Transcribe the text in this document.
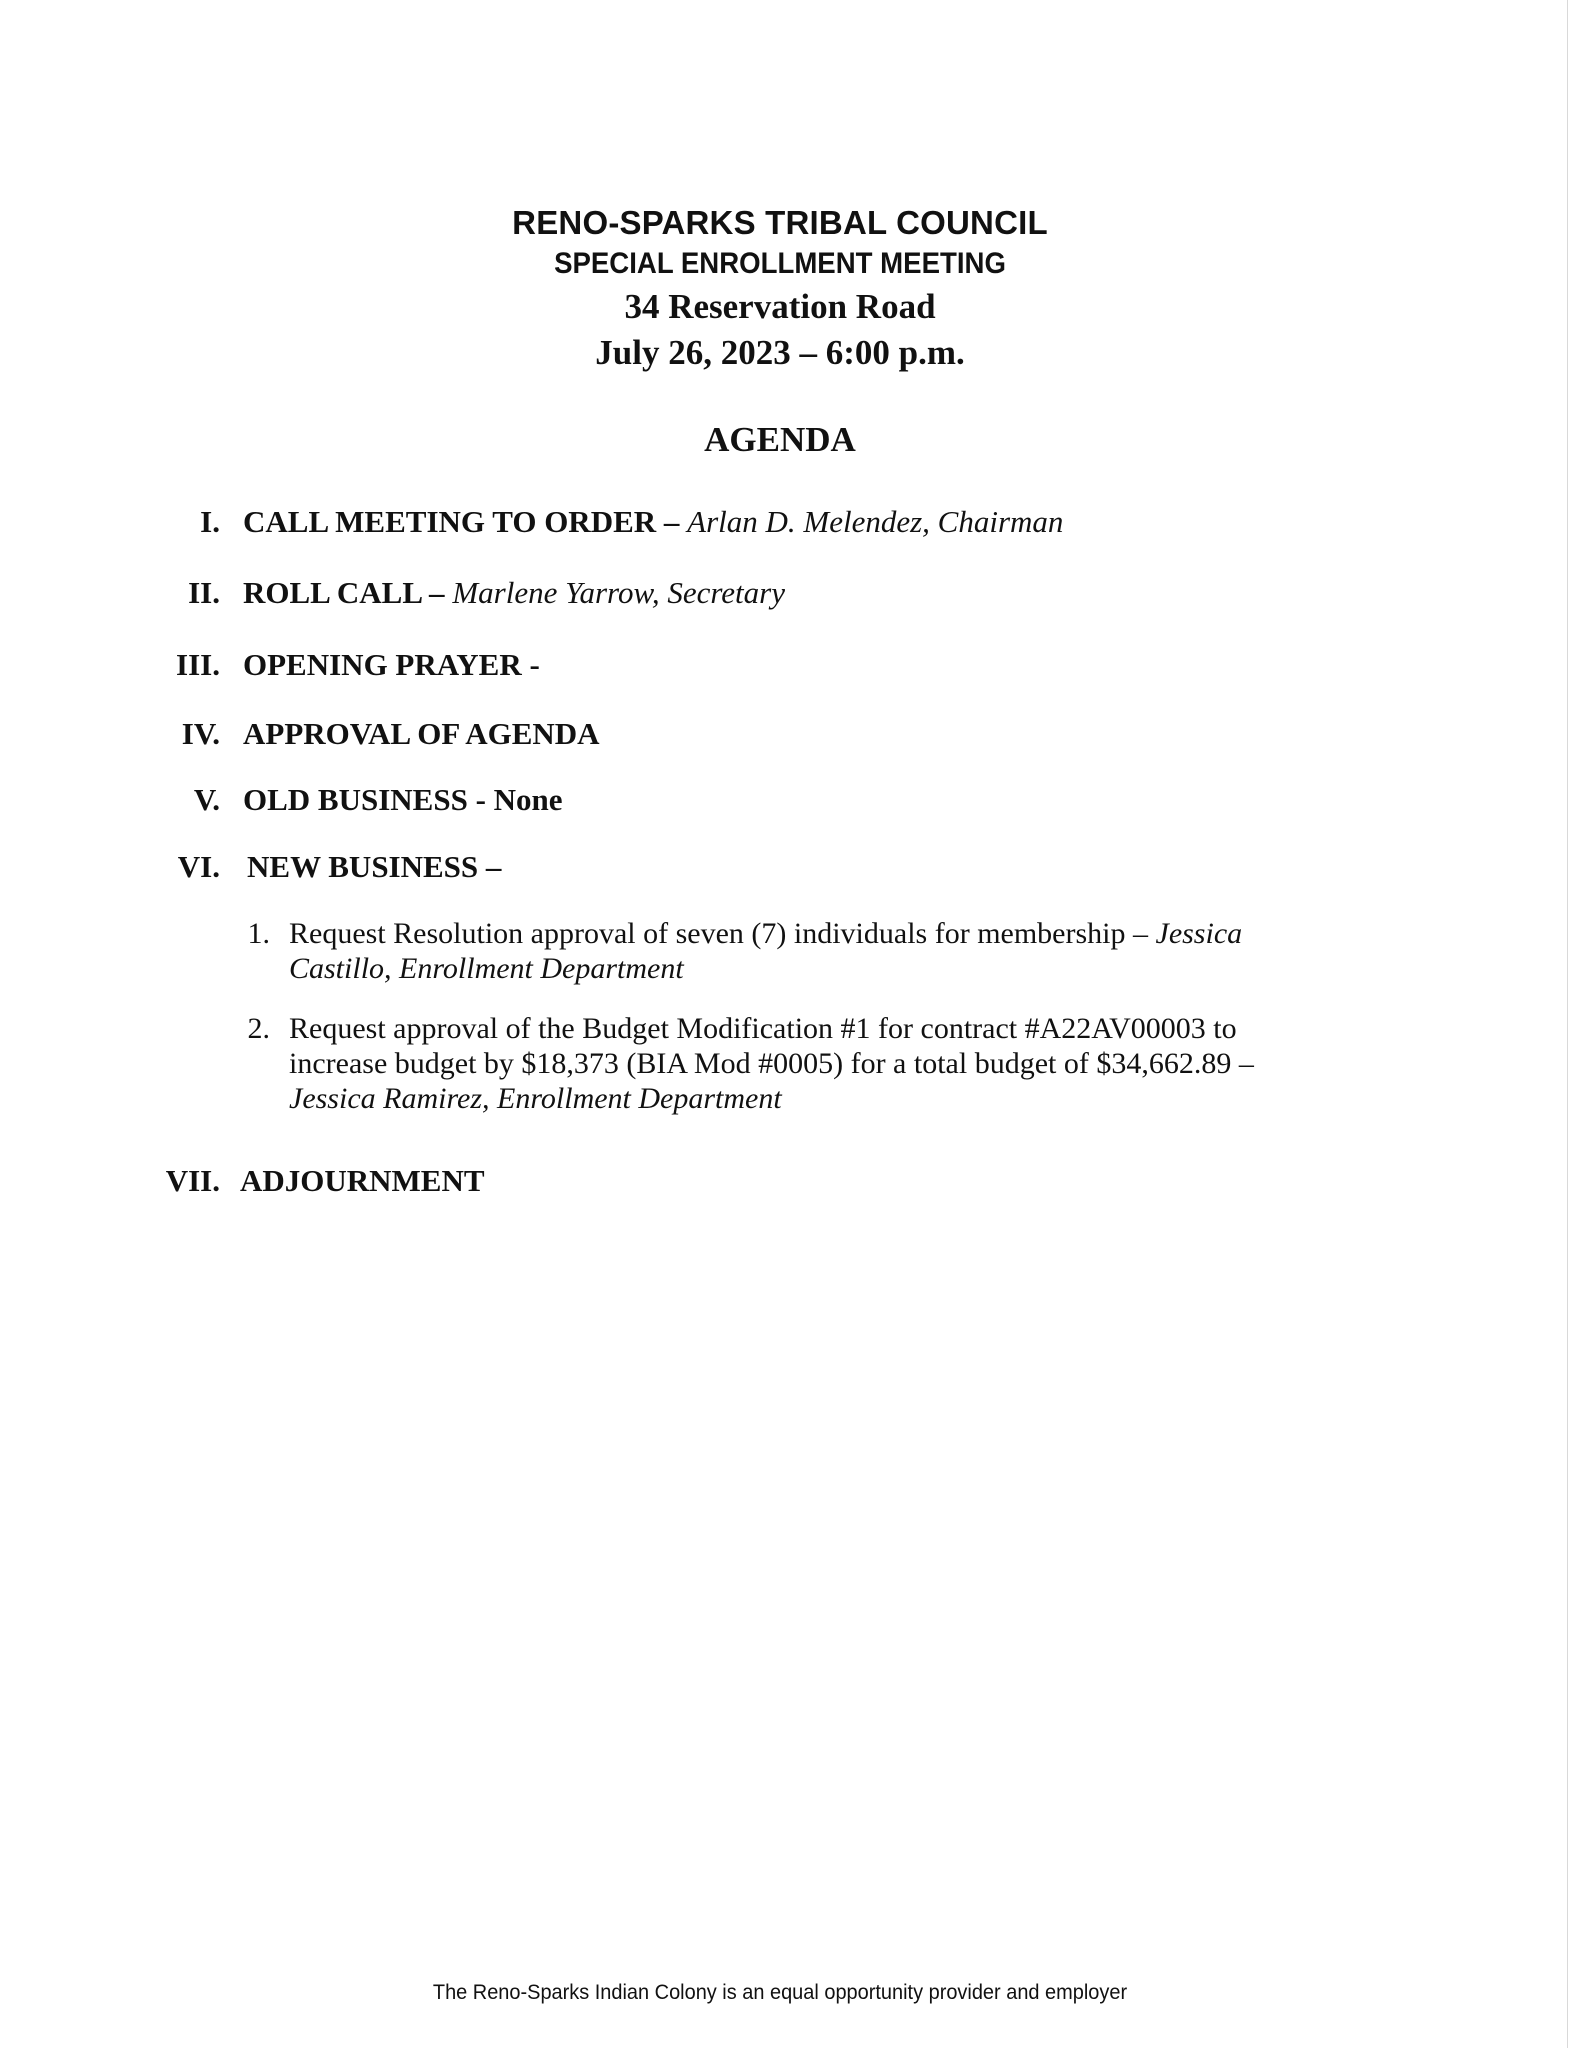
RENO-SPARKS TRIBAL COUNCIL
SPECIAL ENROLLMENT MEETING
34 Reservation Road
July 26, 2023 – 6:00 p.m.
AGENDA
I. CALL MEETING TO ORDER – Arlan D. Melendez, Chairman
II. ROLL CALL – Marlene Yarrow, Secretary
III. OPENING PRAYER -
IV. APPROVAL OF AGENDA
V. OLD BUSINESS - None
VI. NEW BUSINESS –
1. Request Resolution approval of seven (7) individuals for membership – Jessica Castillo, Enrollment Department
2. Request approval of the Budget Modification #1 for contract #A22AV00003 to increase budget by $18,373 (BIA Mod #0005) for a total budget of $34,662.89 – Jessica Ramirez, Enrollment Department
VII. ADJOURNMENT
The Reno-Sparks Indian Colony is an equal opportunity provider and employer
